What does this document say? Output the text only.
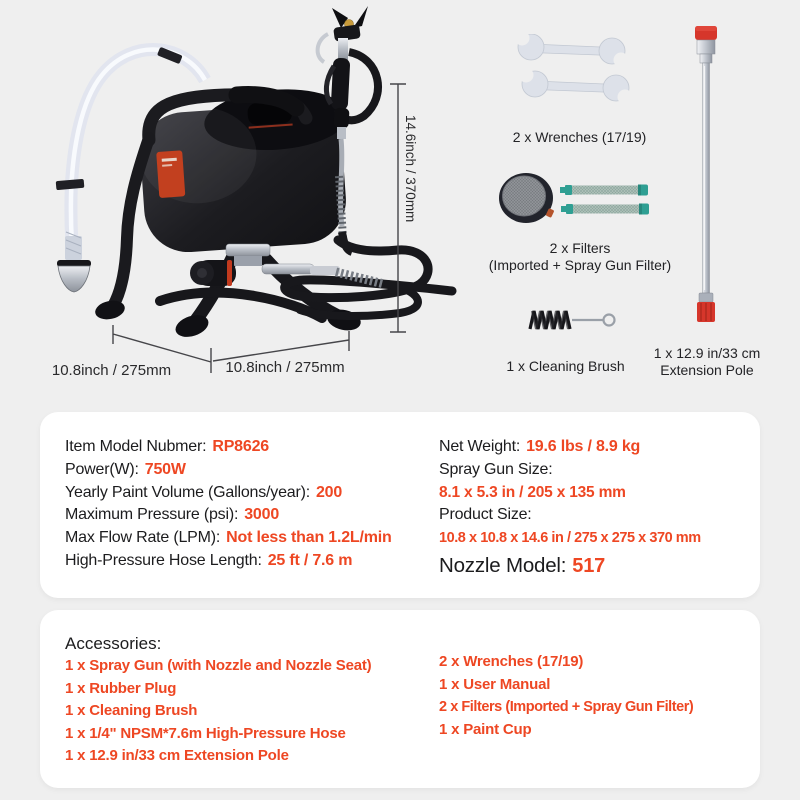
14.6inch / 370mm
10.8inch / 275mm	10.8inch / 275mm
2 x Wrenches (17/19)
2 x Filters
(Imported + Spray Gun Filter)
1 x Cleaning Brush
1 x 12.9 in/33 cm
Extension Pole
Item Model Nubmer: RP8626
Power(W): 750W
Yearly Paint Volume (Gallons/year): 200
Maximum Pressure (psi): 3000
Max Flow Rate (LPM): Not less than 1.2L/min
High-Pressure Hose Length: 25 ft / 7.6 m
Net Weight: 19.6 lbs / 8.9 kg
Spray Gun Size:
8.1 x 5.3 in / 205 x 135 mm
Product Size:
10.8 x 10.8 x 14.6 in / 275 x 275 x 370 mm
Nozzle Model: 517
Accessories:
1 x Spray Gun (with Nozzle and Nozzle Seat)
1 x Rubber Plug
1 x Cleaning Brush
1 x 1/4" NPSM*7.6m High-Pressure Hose
1 x 12.9 in/33 cm Extension Pole
2 x Wrenches (17/19)
1 x User Manual
2 x Filters (Imported + Spray Gun Filter)
1 x Paint Cup
